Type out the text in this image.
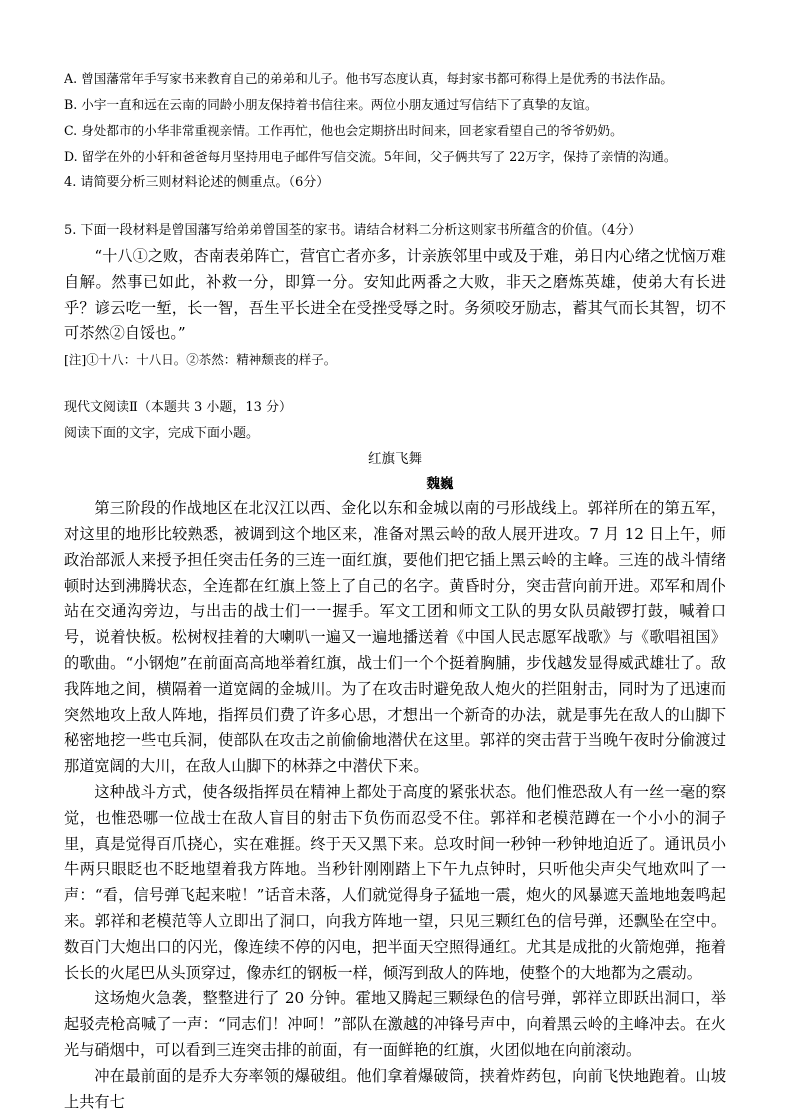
A. 曾国藩常年手写家书来教育自己的弟弟和儿子。他书写态度认真，每封家书都可称得上是优秀的书法作品。
B. 小宇一直和远在云南的同龄小朋友保持着书信往来。两位小朋友通过写信结下了真挚的友谊。
C. 身处都市的小华非常重视亲情。工作再忙，他也会定期挤出时间来，回老家看望自己的爷爷奶奶。
D. 留学在外的小轩和爸爸每月坚持用电子邮件写信交流。5年间，父子俩共写了 22万字，保持了亲情的沟通。
4. 请简要分析三则材料论述的侧重点。（6分）
5. 下面一段材料是曾国藩写给弟弟曾国荃的家书。请结合材料二分析这则家书所蕴含的价值。（4分）

“十八①之败，杏南表弟阵亡，营官亡者亦多，计亲族邻里中或及于难，弟日内心绪之忧恼万难自解。然事已如此，补救一分，即算一分。安知此两番之大败，非天之磨炼英雄，使弟大有长进乎？谚云吃一堑，长一智，吾生平长进全在受挫受辱之时。务须咬牙励志，蓄其气而长其智，切不可苶然②自馁也。”

[注]①十八：十八日。②苶然：精神颓丧的样子。
现代文阅读Ⅱ（本题共 3 小题，13 分）
阅读下面的文字，完成下面小题。
红旗飞舞
魏巍

第三阶段的作战地区在北汉江以西、金化以东和金城以南的弓形战线上。郭祥所在的第五军，对这里的地形比较熟悉，被调到这个地区来，准备对黑云岭的敌人展开进攻。7 月 12 日上午，师政治部派人来授予担任突击任务的三连一面红旗，要他们把它插上黑云岭的主峰。三连的战斗情绪顿时达到沸腾状态，全连都在红旗上签上了自己的名字。黄昏时分，突击营向前开进。邓军和周仆站在交通沟旁边，与出击的战士们一一握手。军文工团和师文工队的男女队员敲锣打鼓，喊着口号，说着快板。松树杈挂着的大喇叭一遍又一遍地播送着《中国人民志愿军战歌》与《歌唱祖国》的歌曲。“小钢炮”在前面高高地举着红旗，战士们一个个挺着胸脯，步伐越发显得威武雄壮了。敌我阵地之间，横隔着一道宽阔的金城川。为了在攻击时避免敌人炮火的拦阻射击，同时为了迅速而突然地攻上敌人阵地，指挥员们费了许多心思，才想出一个新奇的办法，就是事先在敌人的山脚下秘密地挖一些屯兵洞，使部队在攻击之前偷偷地潜伏在这里。郭祥的突击营于当晚午夜时分偷渡过那道宽阔的大川，在敌人山脚下的林莽之中潜伏下来。

这种战斗方式，使各级指挥员在精神上都处于高度的紧张状态。他们惟恐敌人有一丝一毫的察觉，也惟恐哪一位战士在敌人盲目的射击下负伤而忍受不住。郭祥和老模范蹲在一个小小的洞子里，真是觉得百爪挠心，实在难捱。终于天又黑下来。总攻时间一秒钟一秒钟地迫近了。通讯员小牛两只眼眨也不眨地望着我方阵地。当秒针刚刚踏上下午九点钟时，只听他尖声尖气地欢叫了一声：“看，信号弹飞起来啦！”话音未落，人们就觉得身子猛地一震，炮火的风暴遮天盖地地轰鸣起来。郭祥和老模范等人立即出了洞口，向我方阵地一望，只见三颗红色的信号弹，还飘坠在空中。数百门大炮出口的闪光，像连续不停的闪电，把半面天空照得通红。尤其是成批的火箭炮弹，拖着长长的火尾巴从头顶穿过，像赤红的钢板一样，倾泻到敌人的阵地，使整个的大地都为之震动。

这场炮火急袭，整整进行了 20 分钟。霍地又腾起三颗绿色的信号弹，郭祥立即跃出洞口，举起驳壳枪高喊了一声：“同志们！冲呵！”部队在激越的冲锋号声中，向着黑云岭的主峰冲去。在火光与硝烟中，可以看到三连突击排的前面，有一面鲜艳的红旗，火团似地在向前滚动。

冲在最前面的是乔大夯率领的爆破组。他们拿着爆破筒，挟着炸药包，向前飞快地跑着。山坡上共有七
